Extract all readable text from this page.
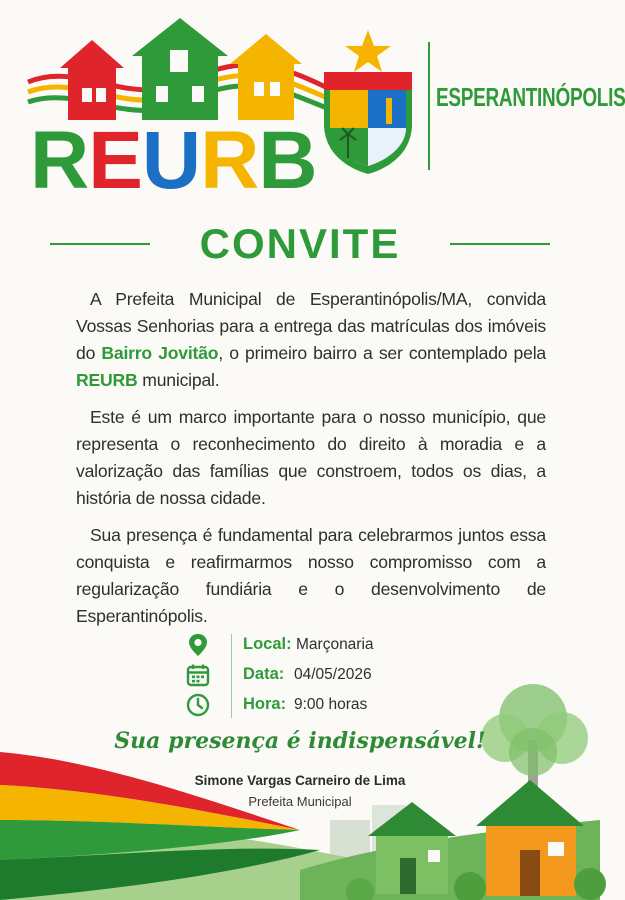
R E U R B
ESPERANTINÓPOLIS
CONVITE

A Prefeita Municipal de Esperantinópolis/MA, convida Vossas Senhorias para a entrega das matrículas dos imóveis do Bairro Jovitão, o primeiro bairro a ser contemplado pela REURB municipal.

Este é um marco importante para o nosso município, que representa o reconhecimento do direito à moradia e a valorização das famílias que constroem, todos os dias, a história de nossa cidade.

Sua presença é fundamental para celebrarmos juntos essa conquista e reafirmarmos nosso compromisso com a regularização fundiária e o desenvolvimento de Esperantinópolis.

Local: Marçonaria
Data: 04/05/2026
Hora: 9:00 horas
Sua presença é indispensável!
Simone Vargas Carneiro de Lima
Prefeita Municipal
